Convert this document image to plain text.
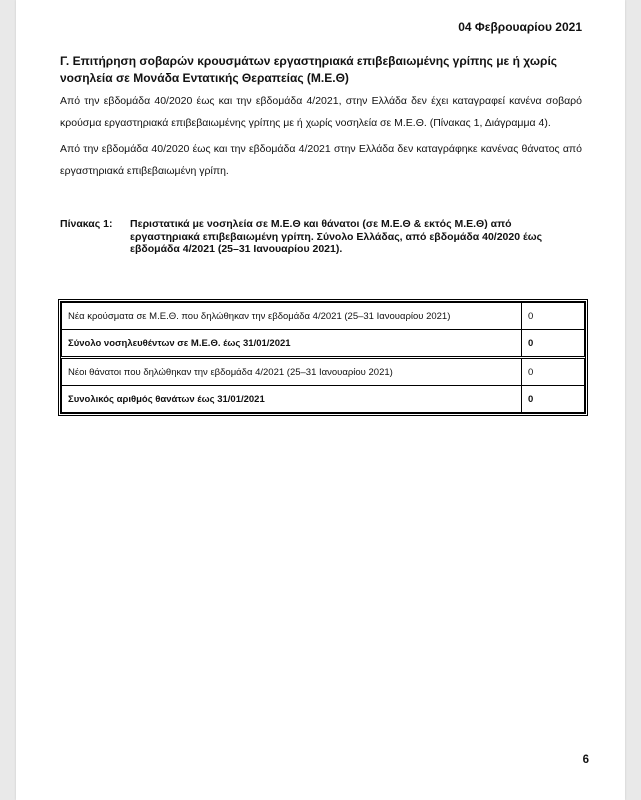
04 Φεβρουαρίου 2021
Γ. Επιτήρηση σοβαρών κρουσμάτων εργαστηριακά επιβεβαιωμένης γρίπης με ή χωρίς νοσηλεία σε Μονάδα Εντατικής Θεραπείας (Μ.Ε.Θ)
Από την εβδομάδα 40/2020 έως και την εβδομάδα 4/2021, στην Ελλάδα δεν έχει καταγραφεί κανένα σοβαρό κρούσμα εργαστηριακά επιβεβαιωμένης γρίπης με ή χωρίς νοσηλεία σε Μ.Ε.Θ. (Πίνακας 1, Διάγραμμα 4).
Από την εβδομάδα 40/2020 έως και την εβδομάδα 4/2021 στην Ελλάδα δεν καταγράφηκε κανένας θάνατος από εργαστηριακά επιβεβαιωμένη γρίπη.
Πίνακας 1: Περιστατικά με νοσηλεία σε Μ.Ε.Θ και θάνατοι (σε Μ.Ε.Θ & εκτός Μ.Ε.Θ) από εργαστηριακά επιβεβαιωμένη γρίπη. Σύνολο Ελλάδας, από εβδομάδα 40/2020 έως εβδομάδα 4/2021 (25–31 Ιανουαρίου 2021).
Νέα κρούσματα σε Μ.Ε.Θ. που δηλώθηκαν την εβδομάδα 4/2021 (25–31 Ιανουαρίου 2021)	0
Σύνολο νοσηλευθέντων σε Μ.Ε.Θ. έως 31/01/2021	0
Νέοι θάνατοι που δηλώθηκαν την εβδομάδα 4/2021 (25–31 Ιανουαρίου 2021)	0
Συνολικός αριθμός θανάτων έως 31/01/2021	0
6
